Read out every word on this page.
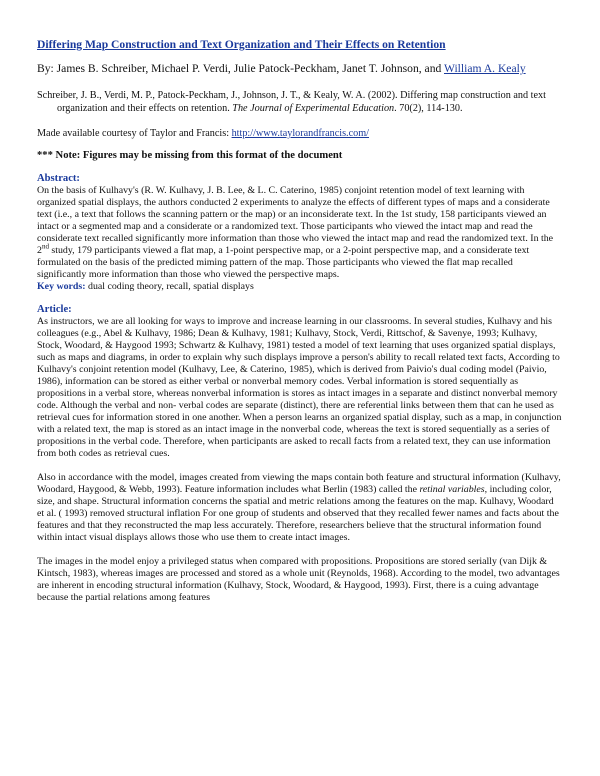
Differing Map Construction and Text Organization and Their Effects on Retention

By: James B. Schreiber, Michael P. Verdi, Julie Patock-Peckham, Janet T. Johnson, and William A. Kealy

Schreiber, J. B., Verdi, M. P., Patock-Peckham, J., Johnson, J. T., & Kealy, W. A. (2002). Differing map construction and text organization and their effects on retention. The Journal of Experimental Education. 70(2), 114-130.

Made available courtesy of Taylor and Francis: http://www.taylorandfrancis.com/

*** Note: Figures may be missing from this format of the document

Abstract:

On the basis of Kulhavy's (R. W. Kulhavy, J. B. Lee, & L. C. Caterino, 1985) conjoint retention model of text learning with organized spatial displays, the authors conducted 2 experiments to analyze the effects of different types of maps and a considerate text (i.e., a text that follows the scanning pattern or the map) or an inconsiderate text. In the 1st study, 158 participants viewed an intact or a segmented map and a considerate or a randomized text. Those participants who viewed the intact map and read the considerate text recalled significantly more information than those who viewed the intact map and read the randomized text. In the 2nd study, 179 participants viewed a flat map, a 1-point perspective map, or a 2-point perspective map, and a considerate text formulated on the basis of the predicted miming pattern of the map. Those participants who viewed the flat map recalled significantly more information than those who viewed the perspective maps.

Key words: dual coding theory, recall, spatial displays

Article:

As instructors, we are all looking for ways to improve and increase learning in our classrooms. In several studies, Kulhavy and his colleagues (e.g., Abel & Kulhavy, 1986; Dean & Kulhavy, 1981; Kulhavy, Stock, Verdi, Rittschof, & Savenye, 1993; Kulhavy, Stock, Woodard, & Haygood 1993; Schwartz & Kulhavy, 1981) tested a model of text learning that uses organized spatial displays, such as maps and diagrams, in order to explain why such displays improve a person's ability to recall related text facts, According to Kulhavy's conjoint retention model (Kulhavy, Lee, & Caterino, 1985), which is derived from Paivio's dual coding model (Paivio, 1986), information can be stored as either verbal or nonverbal memory codes. Verbal information is stored sequentially as propositions in a verbal store, whereas nonverbal information is stores as intact images in a separate and distinct nonverbal memory code. Although the verbal and non- verbal codes are separate (distinct), there are referential links between them that can he used as retrieval cues for information stored in one another. When a person learns an organized spatial display, such as a map, in conjunction with a related text, the map is stored as an intact image in the nonverbal code, whereas the text is stored sequentially as a series of propositions in the verbal code. Therefore, when participants are asked to recall facts from a related text, they can use information from both codes as retrieval cues.

Also in accordance with the model, images created from viewing the maps contain both feature and structural information (Kulhavy, Woodard, Haygood, & Webb, 1993). Feature information includes what Berlin (1983) called the retinal variables, including color, size, and shape. Structural information concerns the spatial and metric relations among the features on the map. Kulhavy, Woodard et al. ( 1993) removed structural inflation For one group of students and observed that they recalled fewer names and facts about the features and that they reconstructed the map less accurately. Therefore, researchers believe that the structural information found within intact visual displays allows those who use them to create intact images.

The images in the model enjoy a privileged status when compared with propositions. Propositions are stored serially (van Dijk & Kintsch, 1983), whereas images are processed and stored as a whole unit (Reynolds, 1968). According to the model, two advantages are inherent in encoding structural information (Kulhavy, Stock, Woodard, & Haygood, 1993). First, there is a cuing advantage because the partial relations among features
